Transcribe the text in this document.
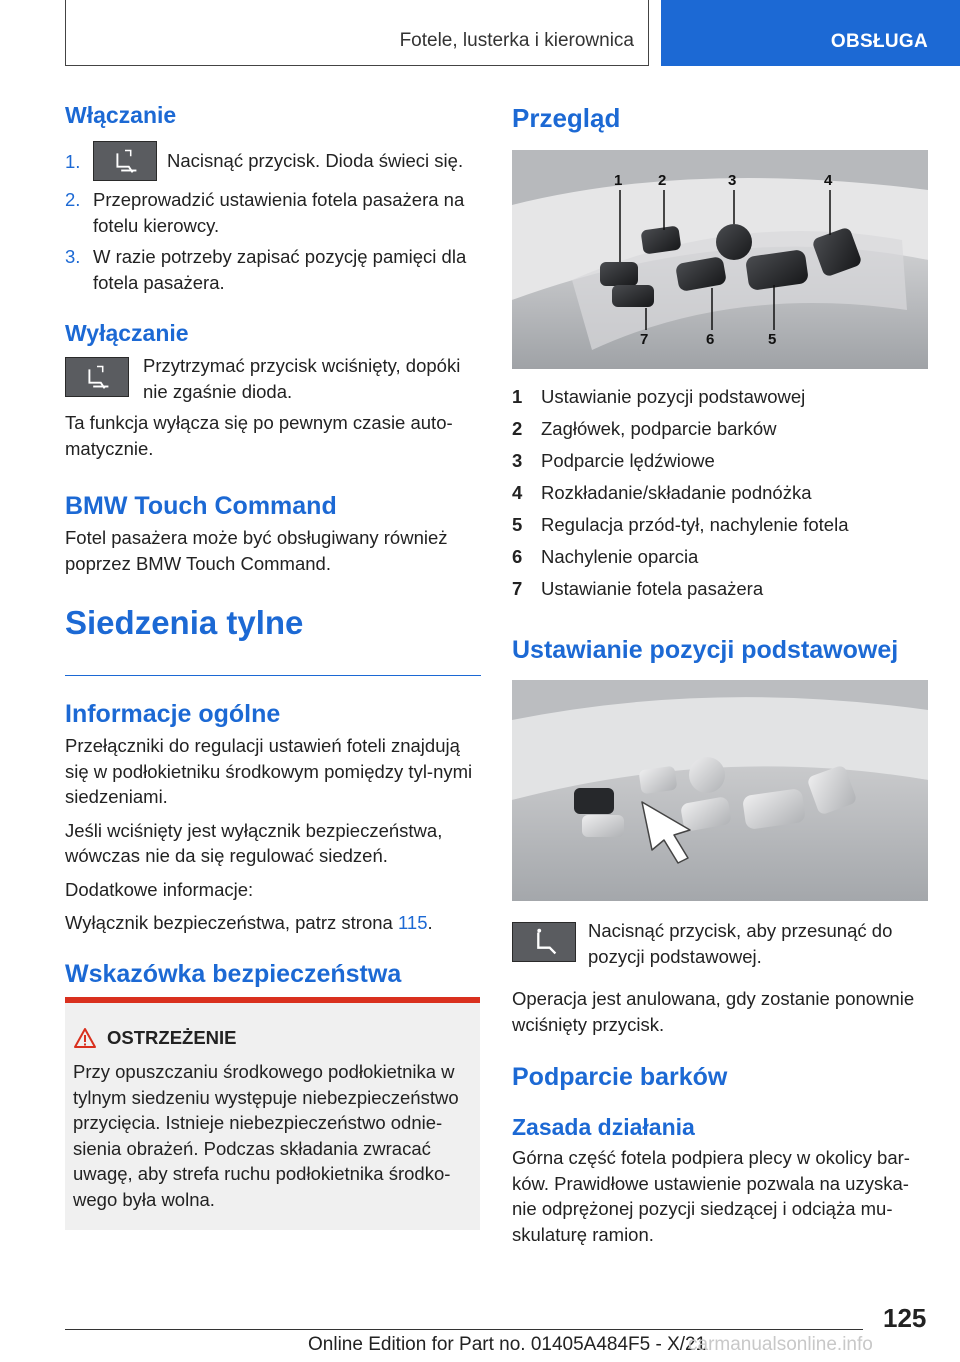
Fotele, lusterka i kierownica	OBSŁUGA
Włączanie
1.	Nacisnąć przycisk. Dioda świeci się.
2. Przeprowadzić ustawienia fotela pasażera na fotelu kierowcy.
3. W razie potrzeby zapisać pozycję pamięci dla fotela pasażera.
Wyłączanie

Przytrzymać przycisk wciśnięty, dopóki nie zgaśnie dioda.

Ta funkcja wyłącza się po pewnym czasie auto-matycznie.

BMW Touch Command

Fotel pasażera może być obsługiwany również poprzez BMW Touch Command.

Siedzenia tylne
Informacje ogólne

Przełączniki do regulacji ustawień foteli znajdują się w podłokietniku środkowym pomiędzy tyl-nymi siedzeniami.

Jeśli wciśnięty jest wyłącznik bezpieczeństwa, wówczas nie da się regulować siedzeń.

Dodatkowe informacje:

Wyłącznik bezpieczeństwa, patrz strona 115.

Wskazówka bezpieczeństwa
OSTRZEŻENIE

Przy opuszczaniu środkowego podłokietnika w tylnym siedzeniu występuje niebezpieczeństwo przycięcia. Istnieje niebezpieczeństwo odnie-sienia obrażeń. Podczas składania zwracać uwagę, aby strefa ruchu podłokietnika środko-wego była wolna.

Przegląd
1 2	3	4
7	6	5
1	Ustawianie pozycji podstawowej
2	Zagłówek, podparcie barków
3	Podparcie lędźwiowe
4	Rozkładanie/składanie podnóżka
5	Regulacja przód-tył, nachylenie fotela
6	Nachylenie oparcia
7	Ustawianie fotela pasażera
Ustawianie pozycji podstawowej

Nacisnąć przycisk, aby przesunąć do pozycji podstawowej.

Operacja jest anulowana, gdy zostanie ponownie wciśnięty przycisk.

Podparcie barków
Zasada działania

Górna część fotela podpiera plecy w okolicy bar-ków. Prawidłowe ustawienie pozwala na uzyska-nie odprężonej pozycji siedzącej i odciąża mu-skulaturę ramion.

125
Online Edition for Part no. 01405A484F5 - X/21
carmanualsonline.info
